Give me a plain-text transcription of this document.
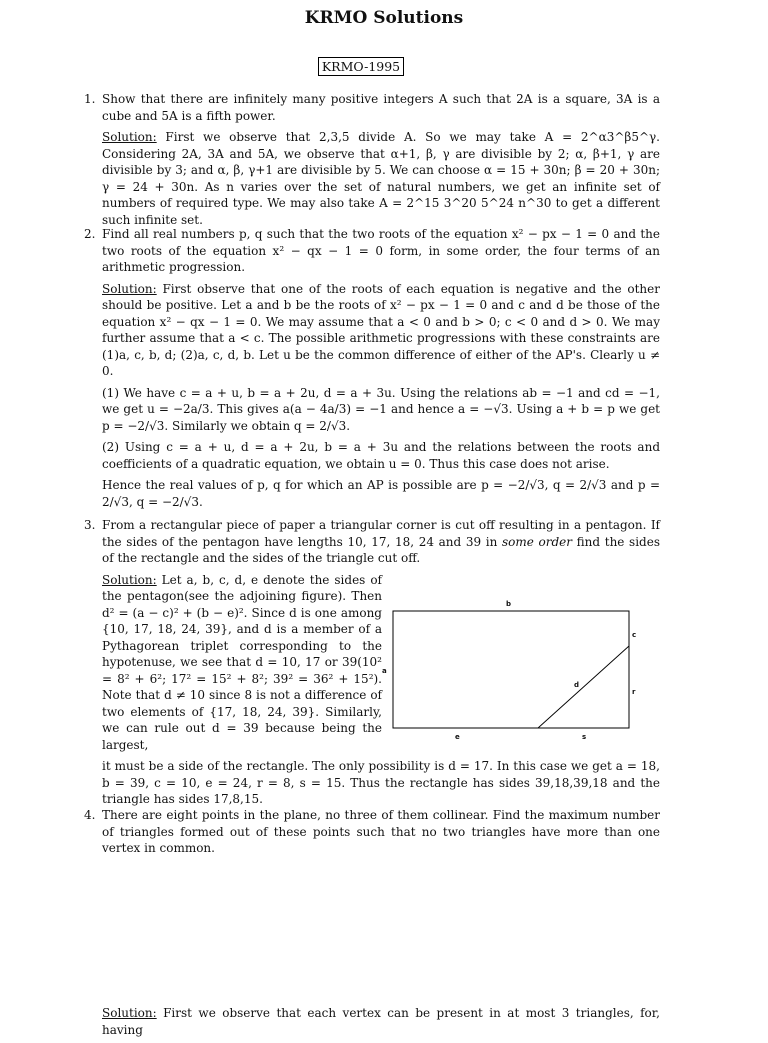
KRMO Solutions
KRMO-1995
1. Show that there are infinitely many positive integers A such that 2A is a square, 3A is a cube and 5A is a fifth power.

Solution: First we observe that 2,3,5 divide A. So we may take A = 2^α3^β5^γ. Considering 2A, 3A and 5A, we observe that α+1, β, γ are divisible by 2; α, β+1, γ are divisible by 3; and α, β, γ+1 are divisible by 5. We can choose α = 15 + 30n; β = 20 + 30n; γ = 24 + 30n. As n varies over the set of natural numbers, we get an infinite set of numbers of required type. We may also take A = 2^15 3^20 5^24 n^30 to get a different such infinite set.

2. Find all real numbers p, q such that the two roots of the equation x² − px − 1 = 0 and the two roots of the equation x² − qx − 1 = 0 form, in some order, the four terms of an arithmetic progression.

Solution: First observe that one of the roots of each equation is negative and the other should be positive. Let a and b be the roots of x² − px − 1 = 0 and c and d be those of the equation x² − qx − 1 = 0. We may assume that a < 0 and b > 0; c < 0 and d > 0. We may further assume that a < c. The possible arithmetic progressions with these constraints are (1)a, c, b, d; (2)a, c, d, b. Let u be the common difference of either of the AP's. Clearly u ≠ 0.

(1) We have c = a + u, b = a + 2u, d = a + 3u. Using the relations ab = −1 and cd = −1, we get u = −2a/3. This gives a(a − 4a/3) = −1 and hence a = −√3. Using a + b = p we get p = −2/√3. Similarly we obtain q = 2/√3.

(2) Using c = a + u, d = a + 2u, b = a + 3u and the relations between the roots and coefficients of a quadratic equation, we obtain u = 0. Thus this case does not arise.

Hence the real values of p, q for which an AP is possible are p = −2/√3, q = 2/√3 and p = 2/√3, q = −2/√3.

3. From a rectangular piece of paper a triangular corner is cut off resulting in a pentagon. If the sides of the pentagon have lengths 10, 17, 18, 24 and 39 in some order find the sides of the rectangle and the sides of the triangle cut off.

Solution: Let a, b, c, d, e denote the sides of the pentagon(see the adjoining figure). Then d² = (a − c)² + (b − e)². Since d is one among {10, 17, 18, 24, 39}, and d is a member of a Pythagorean triplet corresponding to the hypotenuse, we see that d = 10, 17 or 39(10² = 8² + 6²; 17² = 15² + 8²; 39² = 36² + 15²). Note that d ≠ 10 since 8 is not a difference of two elements of {17, 18, 24, 39}. Similarly, we can rule out d = 39 because being the largest,

it must be a side of the rectangle. The only possibility is d = 17. In this case we get a = 18, b = 39, c = 10, e = 24, r = 8, s = 15. Thus the rectangle has sides 39,18,39,18 and the triangle has sides 17,8,15.

b
a
c
d
r
e	s
4. There are eight points in the plane, no three of them collinear. Find the maximum number of triangles formed out of these points such that no two triangles have more than one vertex in common.

Solution: First we observe that each vertex can be present in at most 3 triangles, for, having
